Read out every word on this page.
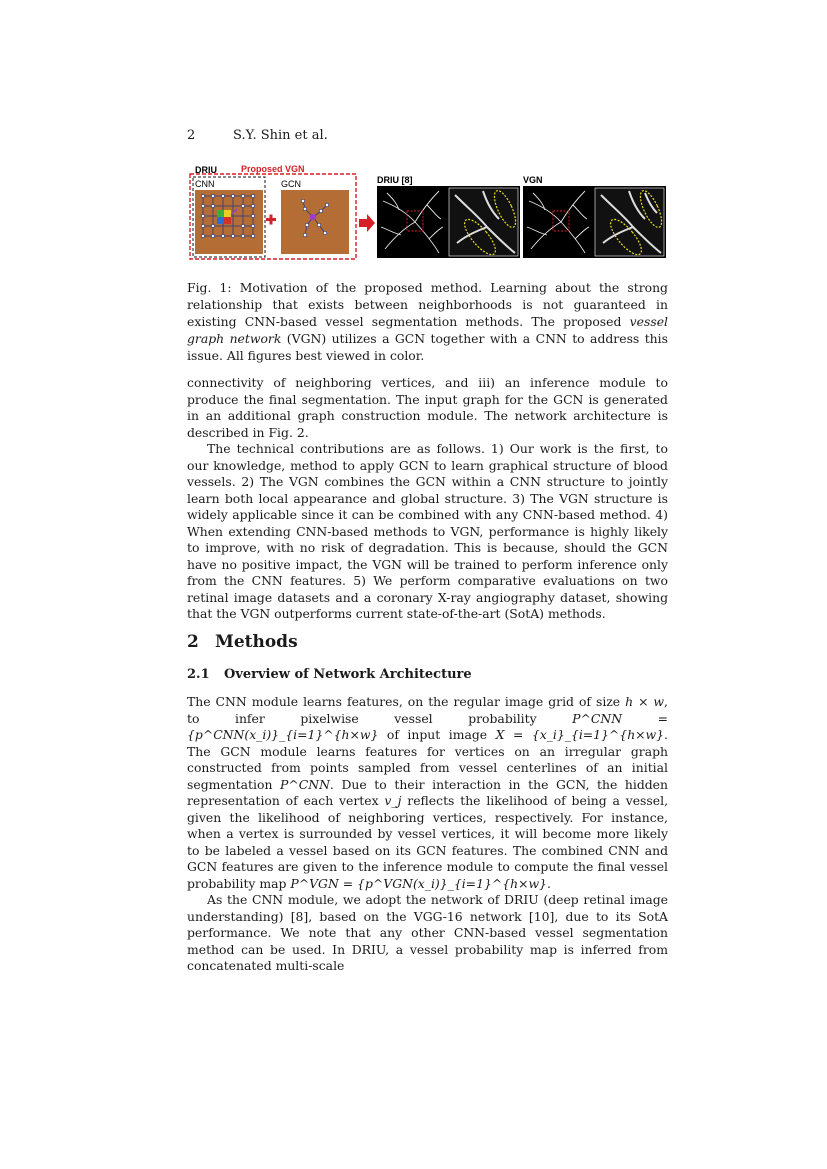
2	S.Y. Shin et al.
DRIU	Proposed VGN
CNN	GCN	DRIU [8]	VGN
Fig. 1: Motivation of the proposed method. Learning about the strong relationship that exists between neighborhoods is not guaranteed in existing CNN-based vessel segmentation methods. The proposed vessel graph network (VGN) utilizes a GCN together with a CNN to address this issue. All figures best viewed in color.

connectivity of neighboring vertices, and iii) an inference module to produce the final segmentation. The input graph for the GCN is generated in an additional graph construction module. The network architecture is described in Fig. 2.

The technical contributions are as follows. 1) Our work is the first, to our knowledge, method to apply GCN to learn graphical structure of blood vessels. 2) The VGN combines the GCN within a CNN structure to jointly learn both local appearance and global structure. 3) The VGN structure is widely applicable since it can be combined with any CNN-based method. 4) When extending CNN-based methods to VGN, performance is highly likely to improve, with no risk of degradation. This is because, should the GCN have no positive impact, the VGN will be trained to perform inference only from the CNN features. 5) We perform comparative evaluations on two retinal image datasets and a coronary X-ray angiography dataset, showing that the VGN outperforms current state-of-the-art (SotA) methods.

2 Methods
2.1 Overview of Network Architecture

The CNN module learns features, on the regular image grid of size h × w, to infer pixelwise vessel probability P^CNN = {p^CNN(x_i)}_{i=1}^{h×w} of input image X = {x_i}_{i=1}^{h×w}. The GCN module learns features for vertices on an irregular graph constructed from points sampled from vessel centerlines of an initial segmentation P^CNN. Due to their interaction in the GCN, the hidden representation of each vertex v_j reflects the likelihood of being a vessel, given the likelihood of neighboring vertices, respectively. For instance, when a vertex is surrounded by vessel vertices, it will become more likely to be labeled a vessel based on its GCN features. The combined CNN and GCN features are given to the inference module to compute the final vessel probability map P^VGN = {p^VGN(x_i)}_{i=1}^{h×w}.

As the CNN module, we adopt the network of DRIU (deep retinal image understanding) [8], based on the VGG-16 network [10], due to its SotA performance. We note that any other CNN-based vessel segmentation method can be used. In DRIU, a vessel probability map is inferred from concatenated multi-scale
